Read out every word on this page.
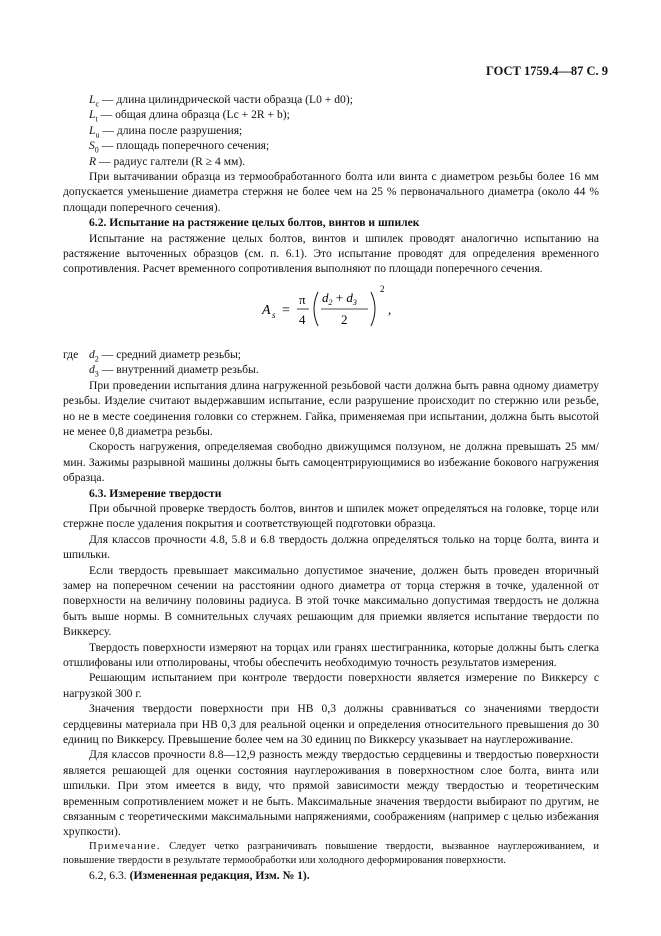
ГОСТ 1759.4—87 С. 9
$L_c$ — длина цилиндрической части образца (L0 + d0);
$L_t$ — общая длина образца (Lc + 2R + b);
$L_u$ — длина после разрушения;
$S_0$ — площадь поперечного сечения;
R — радиус галтели (R ≥ 4 мм).

При вытачивании образца из термообработанного болта или винта с диаметром резьбы более 16 мм допускается уменьшение диаметра стержня не более чем на 25 % первоначального диаметра (около 44 % площади поперечного сечения).

6.2. Испытание на растяжение целых болтов, винтов и шпилек

Испытание на растяжение целых болтов, винтов и шпилек проводят аналогично испытанию на растяжение выточенных образцов (см. п. 6.1). Это испытание проводят для определения временного сопротивления. Расчет временного сопротивления выполняют по площади поперечного сечения.

A s =
π
4
$d_2 + d_3$
2
2
,
где $d_2$ — средний диаметр резьбы;
$d_3$ — внутренний диаметр резьбы.

При проведении испытания длина нагруженной резьбовой части должна быть равна одному диаметру резьбы. Изделие считают выдержавшим испытание, если разрушение происходит по стержню или резьбе, но не в месте соединения головки со стержнем. Гайка, применяемая при испытании, должна быть высотой не менее 0,8 диаметра резьбы.

Скорость нагружения, определяемая свободно движущимся ползуном, не должна превышать 25 мм/мин. Зажимы разрывной машины должны быть самоцентрирующимися во избежание бокового нагружения образца.

6.3. Измерение твердости

При обычной проверке твердость болтов, винтов и шпилек может определяться на головке, торце или стержне после удаления покрытия и соответствующей подготовки образца.

Для классов прочности 4.8, 5.8 и 6.8 твердость должна определяться только на торце болта, винта и шпильки.

Если твердость превышает максимально допустимое значение, должен быть проведен вторичный замер на поперечном сечении на расстоянии одного диаметра от торца стержня в точке, удаленной от поверхности на величину половины радиуса. В этой точке максимально допустимая твердость не должна быть выше нормы. В сомнительных случаях решающим для приемки является испытание твердости по Виккерсу.

Твердость поверхности измеряют на торцах или гранях шестигранника, которые должны быть слегка отшлифованы или отполированы, чтобы обеспечить необходимую точность результатов измерения.

Решающим испытанием при контроле твердости поверхности является измерение по Виккерсу с нагрузкой 300 г.

Значения твердости поверхности при HB 0,3 должны сравниваться со значениями твердости сердцевины материала при HB 0,3 для реальной оценки и определения относительного превышения до 30 единиц по Виккерсу. Превышение более чем на 30 единиц по Виккерсу указывает на науглероживание.

Для классов прочности 8.8—12,9 разность между твердостью сердцевины и твердостью поверхности является решающей для оценки состояния науглероживания в поверхностном слое болта, винта или шпильки. При этом имеется в виду, что прямой зависимости между твердостью и теоретическим временным сопротивлением может и не быть. Максимальные значения твердости выбирают по другим, не связанным с теоретическими максимальными напряжениями, соображениям (например с целью избежания хрупкости).

Примечание. Следует четко разграничивать повышение твердости, вызванное науглероживанием, и повышение твердости в результате термообработки или холодного деформирования поверхности.

6.2, 6.3. (Измененная редакция, Изм. № 1).
